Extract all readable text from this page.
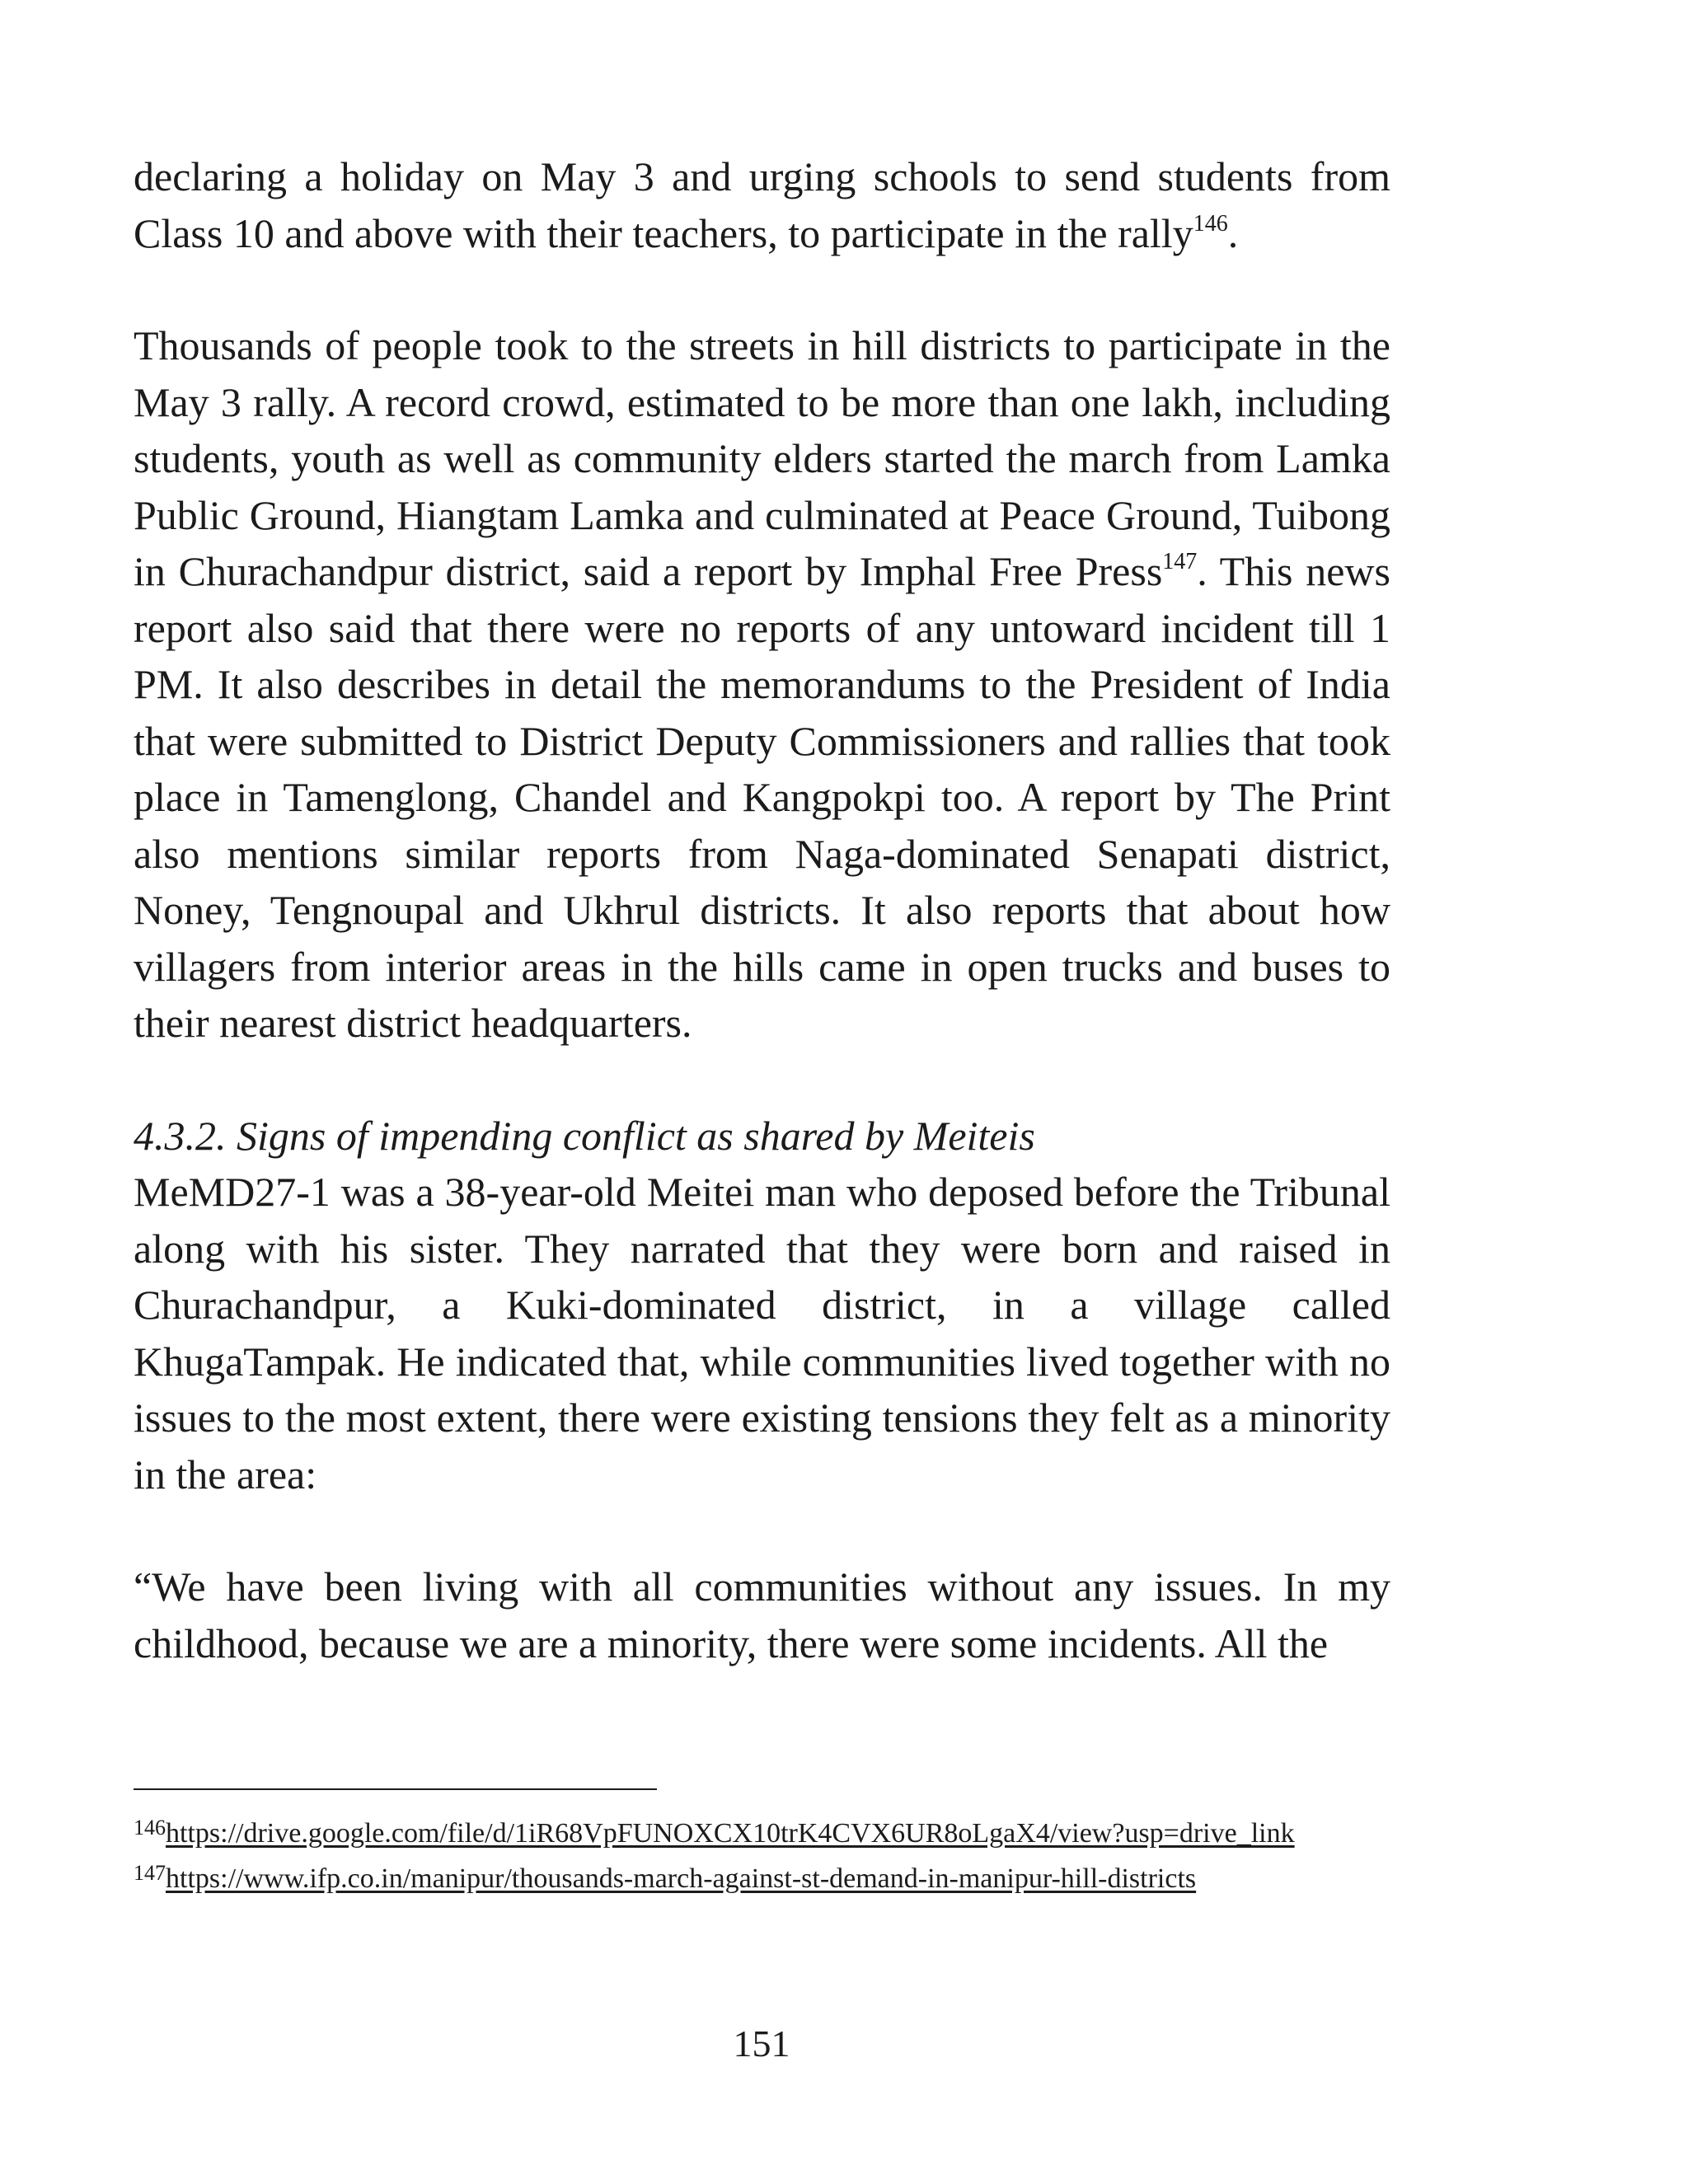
declaring a holiday on May 3 and urging schools to send students from Class 10 and above with their teachers, to participate in the rally$^{146}$.

Thousands of people took to the streets in hill districts to participate in the May 3 rally. A record crowd, estimated to be more than one lakh, including students, youth as well as community elders started the march from Lamka Public Ground, Hiangtam Lamka and culminated at Peace Ground, Tuibong in Churachandpur district, said a report by Imphal Free Press$^{147}$. This news report also said that there were no reports of any untoward incident till 1 PM. It also describes in detail the memorandums to the President of India that were submitted to District Deputy Commissioners and rallies that took place in Tamenglong, Chandel and Kangpokpi too. A report by The Print also mentions similar reports from Naga-dominated Senapati district, Noney, Tengnoupal and Ukhrul districts. It also reports that about how villagers from interior areas in the hills came in open trucks and buses to their nearest district headquarters.

4.3.2. Signs of impending conflict as shared by Meiteis

MeMD27-1 was a 38-year-old Meitei man who deposed before the Tribunal along with his sister. They narrated that they were born and raised in Churachandpur, a Kuki-dominated district, in a village called KhugaTampak. He indicated that, while communities lived together with no issues to the most extent, there were existing tensions they felt as a minority in the area:

“We have been living with all communities without any issues. In my childhood, because we are a minority, there were some incidents. All the

$^{146}$https://drive.google.com/file/d/1iR68VpFUNOXCX10trK4CVX6UR8oLgaX4/view?usp=drive_link

$^{147}$https://www.ifp.co.in/manipur/thousands-march-against-st-demand-in-manipur-hill-districts

151
